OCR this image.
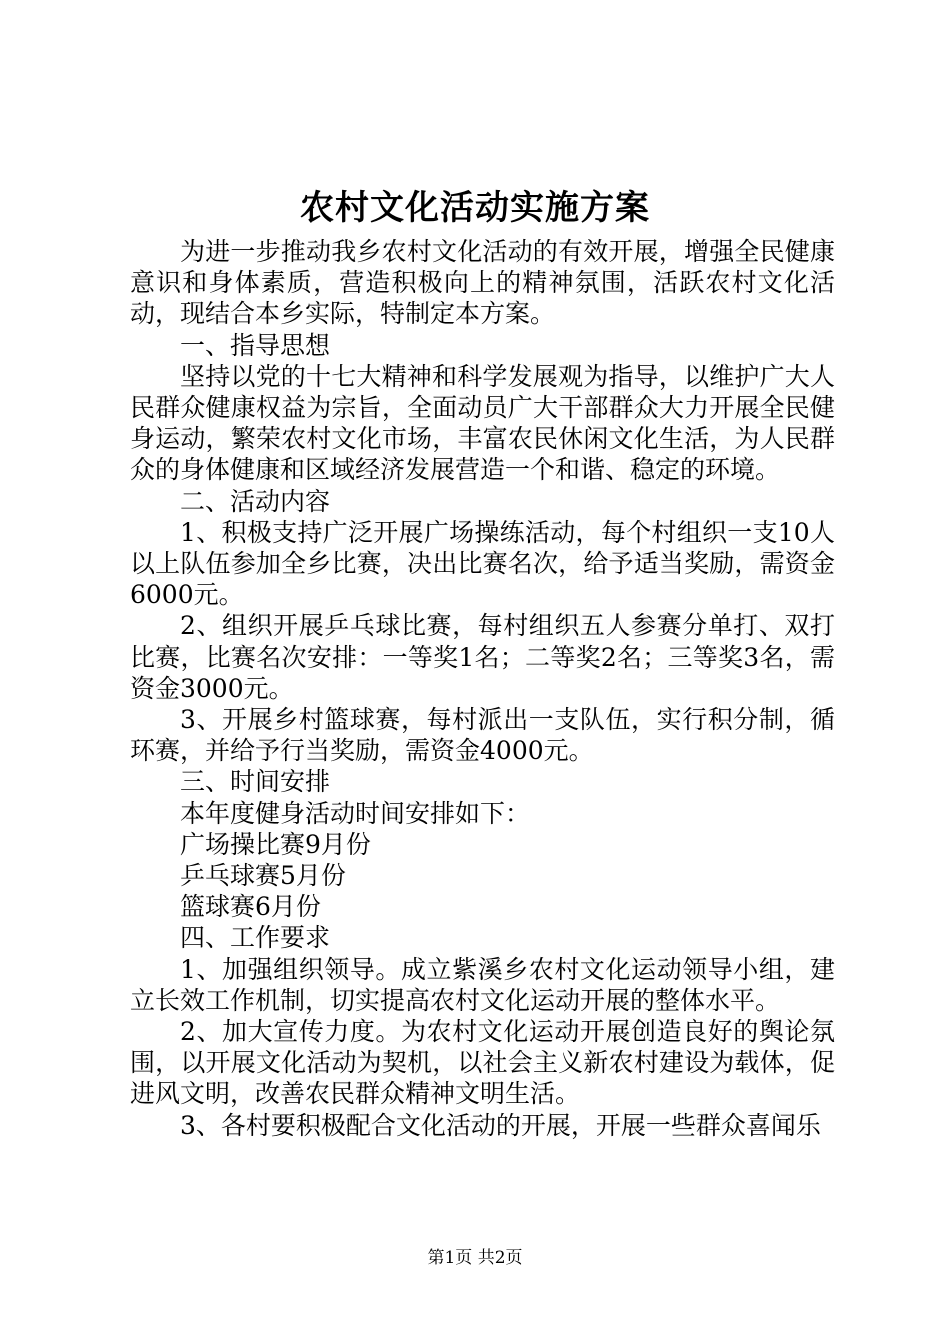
农村文化活动实施方案

为进一步推动我乡农村文化活动的有效开展，增强全民健康意识和身体素质，营造积极向上的精神氛围，活跃农村文化活动，现结合本乡实际，特制定本方案。

一、指导思想

坚持以党的十七大精神和科学发展观为指导，以维护广大人民群众健康权益为宗旨，全面动员广大干部群众大力开展全民健身运动，繁荣农村文化市场，丰富农民休闲文化生活，为人民群众的身体健康和区域经济发展营造一个和谐、稳定的环境。

二、活动内容

1、积极支持广泛开展广场操练活动，每个村组织一支10人以上队伍参加全乡比赛，决出比赛名次，给予适当奖励，需资金6000元。

2、组织开展乒乓球比赛，每村组织五人参赛分单打、双打比赛，比赛名次安排：一等奖1名；二等奖2名；三等奖3名，需资金3000元。

3、开展乡村篮球赛，每村派出一支队伍，实行积分制，循环赛，并给予行当奖励，需资金4000元。

三、时间安排

本年度健身活动时间安排如下：

广场操比赛9月份

乒乓球赛5月份

篮球赛6月份

四、工作要求

1、加强组织领导。成立紫溪乡农村文化运动领导小组，建立长效工作机制，切实提高农村文化运动开展的整体水平。

2、加大宣传力度。为农村文化运动开展创造良好的舆论氛围，以开展文化活动为契机，以社会主义新农村建设为载体，促进风文明，改善农民群众精神文明生活。

3、各村要积极配合文化活动的开展，开展一些群众喜闻乐

第1页 共2页
